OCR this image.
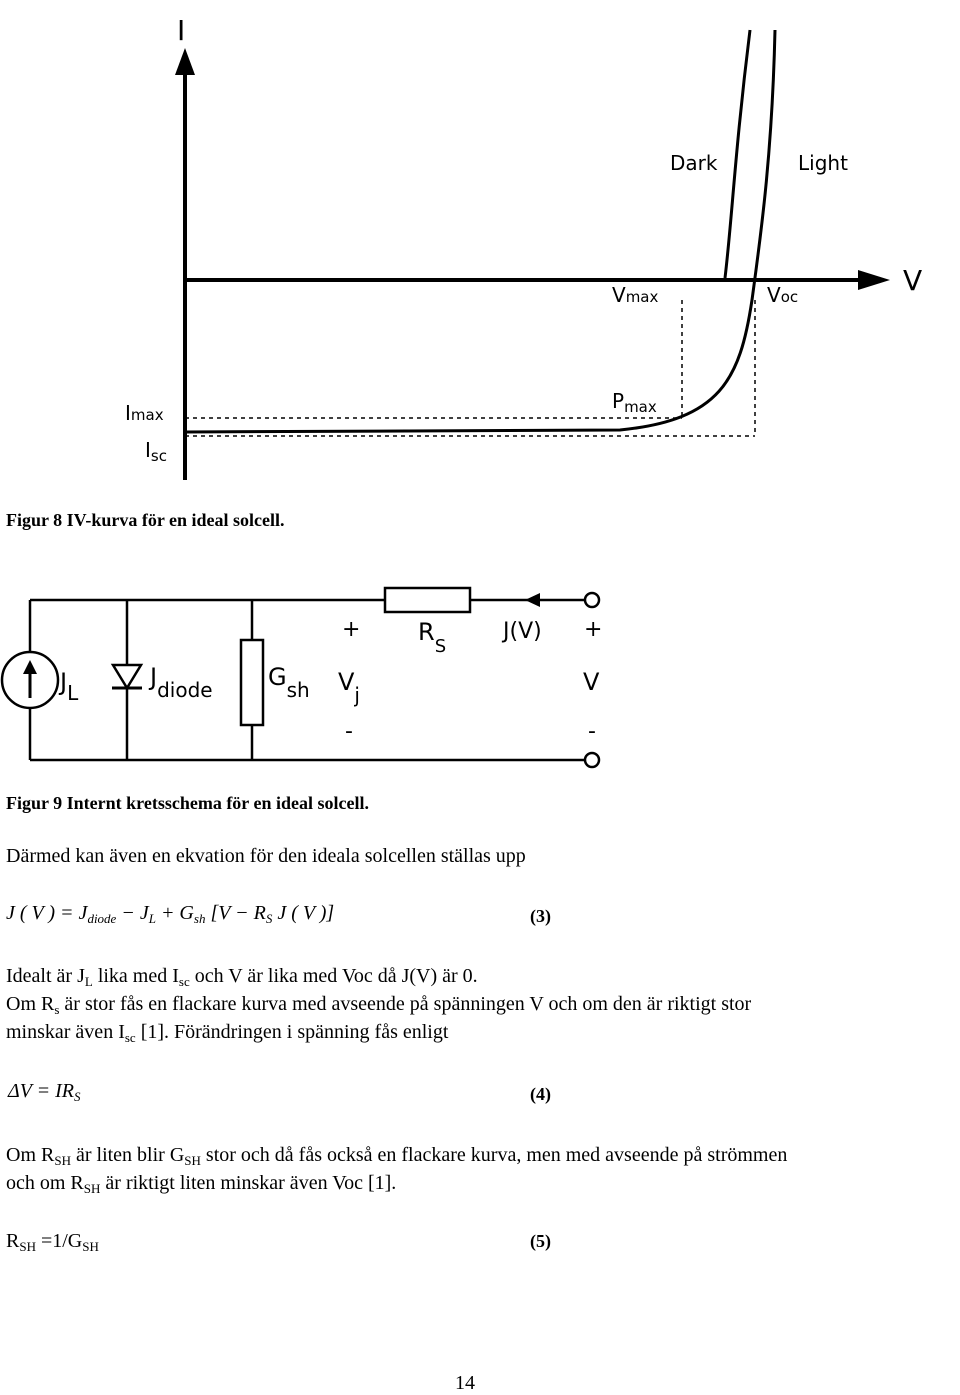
I
V
Dark	Light
Vmax	Voc
$P_{max}$
Imax
$I_{sc}$
Figur 8 IV-kurva för en ideal solcell.
$J_L$
$J_{diode}$ $G_{sh}$
+
$V_j$
-
$R_S$
J(V) +
V
-
Figur 9 Internt kretsschema för en ideal solcell.
Därmed kan även en ekvation för den ideala solcellen ställas upp
J ( V ) = $J_{diode} - J_L + G_{sh}$ [$V - R_S$ J ( V )]	(3)
Idealt är $J_L$ lika med $I_{sc}$ och V är lika med Voc då J(V) är 0.
Om $R_s$ är stor fås en flackare kurva med avseende på spänningen V och om den är riktigt stor
minskar även $I_{sc}$ [1]. Förändringen i spänning fås enligt
$\Delta V = IR_S$	(4)
Om $R_{SH}$ är liten blir $G_{SH}$ stor och då fås också en flackare kurva, men med avseende på strömmen
och om $R_{SH}$ är riktigt liten minskar även Voc [1].
$R_{SH} =1/G_{SH}$	(5)
14
